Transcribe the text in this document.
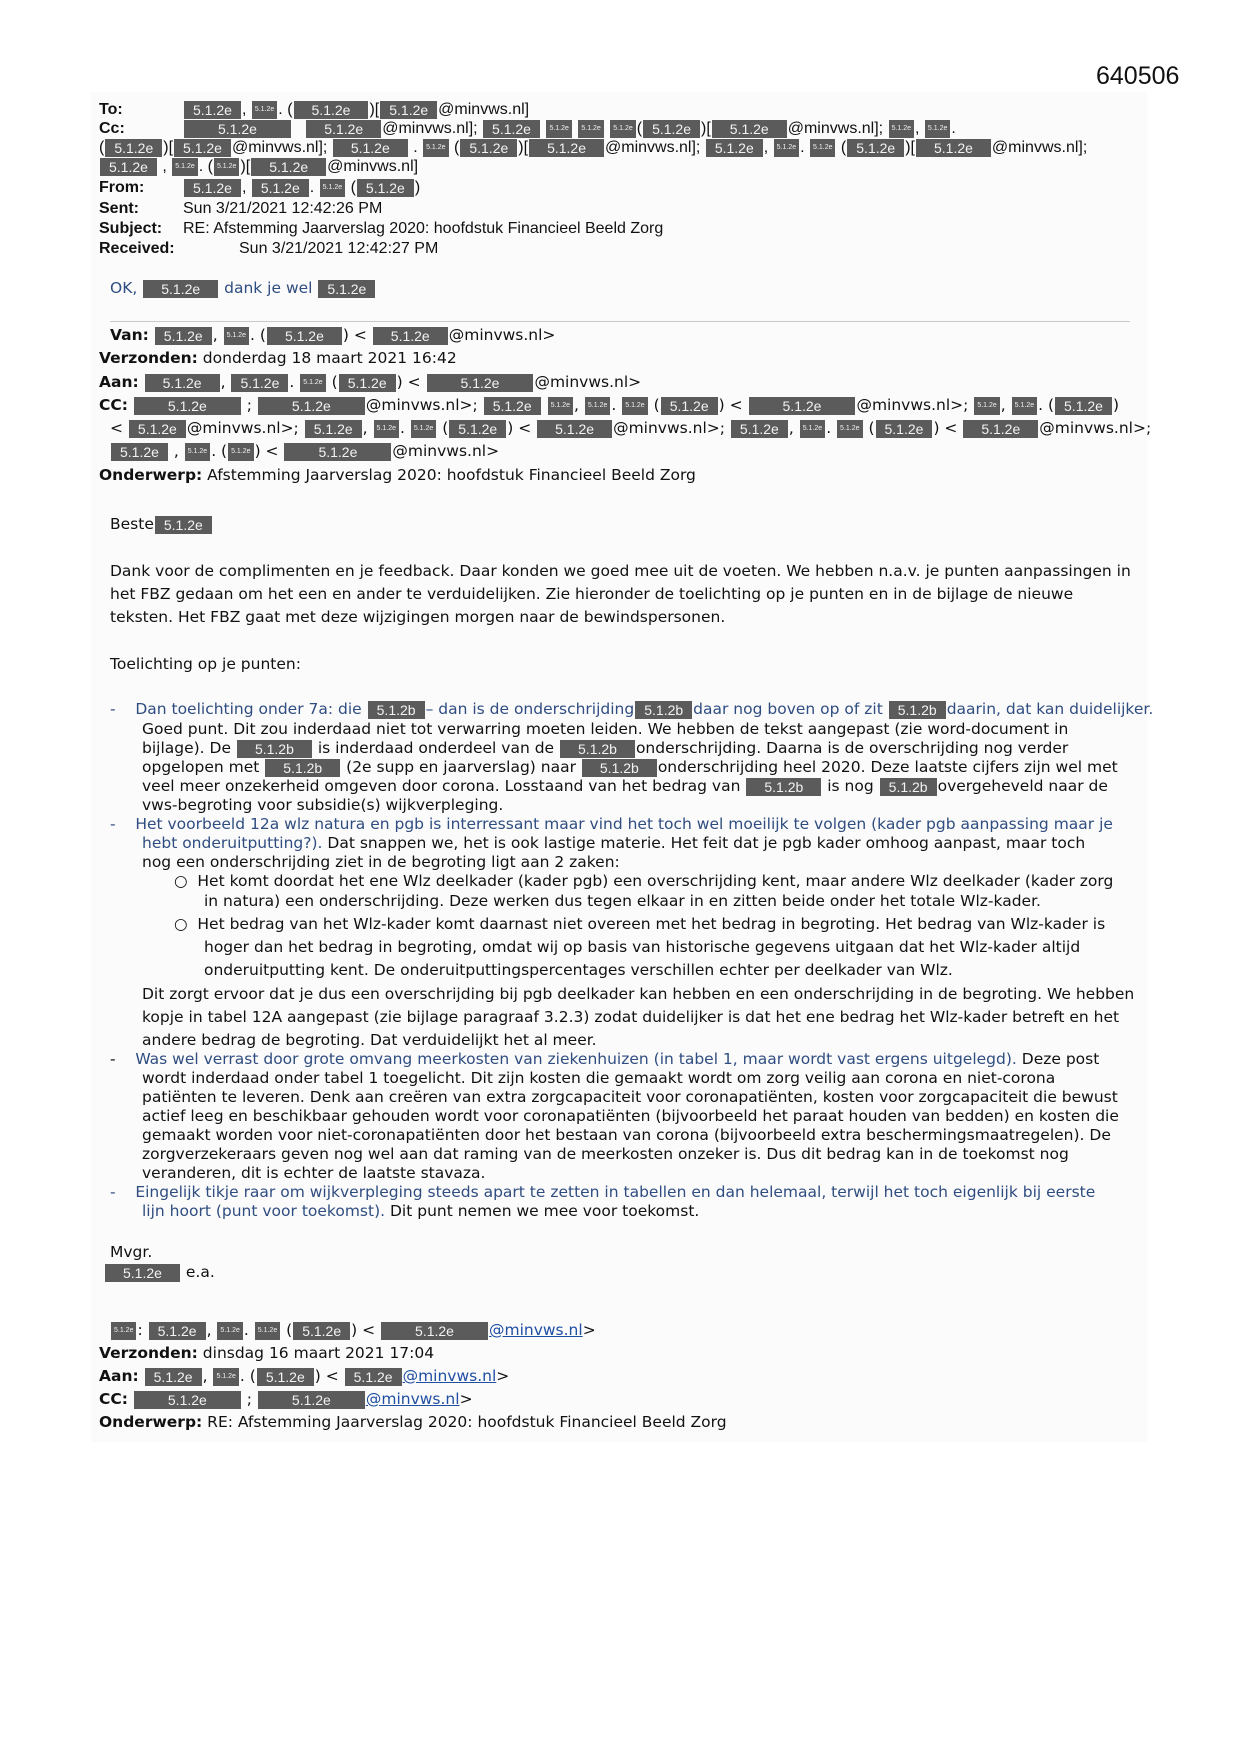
640506
To:	5.1.2e , 5.1.2e . ( 5.1.2e )[ 5.1.2e @minvws.nl]
Cc:	5.1.2e	5.1.2e @minvws.nl]; 5.1.2e	5.1.2e 5.1.2e 5.1.2e ( 5.1.2e )[ 5.1.2e @minvws.nl]; 5.1.2e , 5.1.2e .
( 5.1.2e )[ 5.1.2e @minvws.nl]; 5.1.2e . 5.1.2e ( 5.1.2e )[ 5.1.2e @minvws.nl]; 5.1.2e , 5.1.2e . 5.1.2e ( 5.1.2e )[ 5.1.2e @minvws.nl];
5.1.2e , 5.1.2e . ( 5.1.2e )[ 5.1.2e @minvws.nl]
From:	5.1.2e , 5.1.2e . 5.1.2e ( 5.1.2e )
Sent:	Sun 3/21/2021 12:42:26 PM
Subject: RE: Afstemming Jaarverslag 2020: hoofdstuk Financieel Beeld Zorg
Received:	Sun 3/21/2021 12:42:27 PM
OK, 5.1.2e dank je wel 5.1.2e
Van: 5.1.2e , 5.1.2e . ( 5.1.2e ) < 5.1.2e @minvws.nl>
Verzonden: donderdag 18 maart 2021 16:42
Aan: 5.1.2e , 5.1.2e . 5.1.2e ( 5.1.2e ) <	5.1.2e @minvws.nl>
CC:	5.1.2e ;	5.1.2e @minvws.nl>; 5.1.2e	5.1.2e , 5.1.2e . 5.1.2e ( 5.1.2e ) <	5.1.2e @minvws.nl>; 5.1.2e , 5.1.2e . ( 5.1.2e )
< 5.1.2e @minvws.nl>; 5.1.2e , 5.1.2e . 5.1.2e ( 5.1.2e ) < 5.1.2e @minvws.nl>; 5.1.2e , 5.1.2e . 5.1.2e ( 5.1.2e ) < 5.1.2e @minvws.nl>;
5.1.2e , 5.1.2e . ( 5.1.2e ) <	5.1.2e @minvws.nl>
Onderwerp: Afstemming Jaarverslag 2020: hoofdstuk Financieel Beeld Zorg
Beste 5.1.2e
Dank voor de complimenten en je feedback. Daar konden we goed mee uit de voeten. We hebben n.a.v. je punten aanpassingen in
het FBZ gedaan om het een en ander te verduidelijken. Zie hieronder de toelichting op je punten en in de bijlage de nieuwe
teksten. Het FBZ gaat met deze wijzigingen morgen naar de bewindspersonen.
Toelichting op je punten:
-    Dan toelichting onder 7a: die 5.1.2b – dan is de onderschrijding 5.1.2b daar nog boven op of zit 5.1.2b daarin, dat kan duidelijker.
Goed punt. Dit zou inderdaad niet tot verwarring moeten leiden. We hebben de tekst aangepast (zie word-document in
bijlage). De 5.1.2b is inderdaad onderdeel van de 5.1.2b onderschrijding. Daarna is de overschrijding nog verder
opgelopen met 5.1.2b (2e supp en jaarverslag) naar 5.1.2b onderschrijding heel 2020. Deze laatste cijfers zijn wel met
veel meer onzekerheid omgeven door corona. Losstaand van het bedrag van 5.1.2b is nog 5.1.2b overgeheveld naar de
vws-begroting voor subsidie(s) wijkverpleging.
-    Het voorbeeld 12a wlz natura en pgb is interressant maar vind het toch wel moeilijk te volgen (kader pgb aanpassing maar je
hebt onderuitputting?). Dat snappen we, het is ook lastige materie. Het feit dat je pgb kader omhoog aanpast, maar toch
nog een onderschrijding ziet in de begroting ligt aan 2 zaken:
○ Het komt doordat het ene Wlz deelkader (kader pgb) een overschrijding kent, maar andere Wlz deelkader (kader zorg
in natura) een onderschrijding. Deze werken dus tegen elkaar in en zitten beide onder het totale Wlz-kader.
○ Het bedrag van het Wlz-kader komt daarnast niet overeen met het bedrag in begroting. Het bedrag van Wlz-kader is
hoger dan het bedrag in begroting, omdat wij op basis van historische gegevens uitgaan dat het Wlz-kader altijd
onderuitputting kent. De onderuitputtingspercentages verschillen echter per deelkader van Wlz.
Dit zorgt ervoor dat je dus een overschrijding bij pgb deelkader kan hebben en een onderschrijding in de begroting. We hebben
kopje in tabel 12A aangepast (zie bijlage paragraaf 3.2.3) zodat duidelijker is dat het ene bedrag het Wlz-kader betreft en het
andere bedrag de begroting. Dat verduidelijkt het al meer.
-    Was wel verrast door grote omvang meerkosten van ziekenhuizen (in tabel 1, maar wordt vast ergens uitgelegd). Deze post
wordt inderdaad onder tabel 1 toegelicht. Dit zijn kosten die gemaakt wordt om zorg veilig aan corona en niet-corona
patiënten te leveren. Denk aan creëren van extra zorgcapaciteit voor coronapatiënten, kosten voor zorgcapaciteit die bewust
actief leeg en beschikbaar gehouden wordt voor coronapatiënten (bijvoorbeeld het paraat houden van bedden) en kosten die
gemaakt worden voor niet-coronapatiënten door het bestaan van corona (bijvoorbeeld extra beschermingsmaatregelen). De
zorgverzekeraars geven nog wel aan dat raming van de meerkosten onzeker is. Dus dit bedrag kan in de toekomst nog
veranderen, dit is echter de laatste stavaza.
-    Eingelijk tikje raar om wijkverpleging steeds apart te zetten in tabellen en dan helemaal, terwijl het toch eigenlijk bij eerste
lijn hoort (punt voor toekomst). Dit punt nemen we mee voor toekomst.
Mvgr.
5.1.2e e.a.
5.1.2e : 5.1.2e , 5.1.2e . 5.1.2e ( 5.1.2e ) <	5.1.2e @minvws.nl>
Verzonden: dinsdag 16 maart 2021 17:04
Aan: 5.1.2e , 5.1.2e . ( 5.1.2e ) < 5.1.2e @minvws.nl>
CC:	5.1.2e ;	5.1.2e @minvws.nl>
Onderwerp: RE: Afstemming Jaarverslag 2020: hoofdstuk Financieel Beeld Zorg
